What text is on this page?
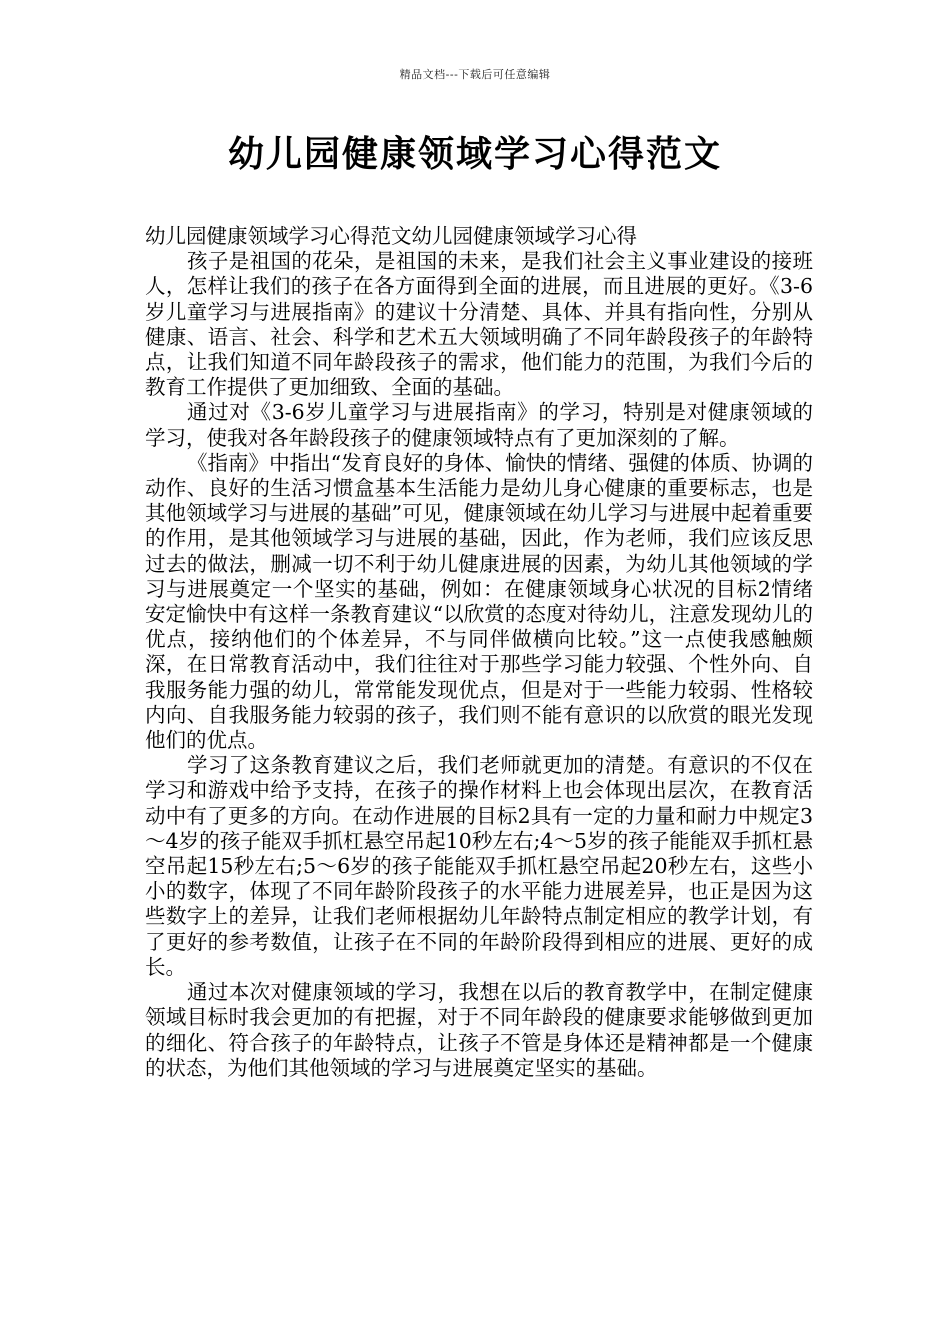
精品文档---下载后可任意编辑
幼儿园健康领域学习心得范文

幼儿园健康领域学习心得范文幼儿园健康领域学习心得

孩子是祖国的花朵，是祖国的未来，是我们社会主义事业建设的接班人，怎样让我们的孩子在各方面得到全面的进展，而且进展的更好。《3-6岁儿童学习与进展指南》的建议十分清楚、具体、并具有指向性，分别从健康、语言、社会、科学和艺术五大领域明确了不同年龄段孩子的年龄特点，让我们知道不同年龄段孩子的需求，他们能力的范围，为我们今后的教育工作提供了更加细致、全面的基础。

通过对《3-6岁儿童学习与进展指南》的学习，特别是对健康领域的学习，使我对各年龄段孩子的健康领域特点有了更加深刻的了解。

《指南》中指出“发育良好的身体、愉快的情绪、强健的体质、协调的动作、良好的生活习惯盒基本生活能力是幼儿身心健康的重要标志，也是其他领域学习与进展的基础”可见，健康领域在幼儿学习与进展中起着重要的作用，是其他领域学习与进展的基础，因此，作为老师，我们应该反思过去的做法，删减一切不利于幼儿健康进展的因素，为幼儿其他领域的学习与进展奠定一个坚实的基础，例如：在健康领域身心状况的目标2情绪安定愉快中有这样一条教育建议“以欣赏的态度对待幼儿，注意发现幼儿的优点，接纳他们的个体差异，不与同伴做横向比较。”这一点使我感触颇深，在日常教育活动中，我们往往对于那些学习能力较强、个性外向、自我服务能力强的幼儿，常常能发现优点，但是对于一些能力较弱、性格较内向、自我服务能力较弱的孩子，我们则不能有意识的以欣赏的眼光发现他们的优点。

学习了这条教育建议之后，我们老师就更加的清楚。有意识的不仅在学习和游戏中给予支持，在孩子的操作材料上也会体现出层次，在教育活动中有了更多的方向。在动作进展的目标2具有一定的力量和耐力中规定3～4岁的孩子能双手抓杠悬空吊起10秒左右;4～5岁的孩子能能双手抓杠悬空吊起15秒左右;5～6岁的孩子能能双手抓杠悬空吊起20秒左右，这些小小的数字，体现了不同年龄阶段孩子的水平能力进展差异，也正是因为这些数字上的差异，让我们老师根据幼儿年龄特点制定相应的教学计划，有了更好的参考数值，让孩子在不同的年龄阶段得到相应的进展、更好的成长。

通过本次对健康领域的学习，我想在以后的教育教学中，在制定健康领域目标时我会更加的有把握，对于不同年龄段的健康要求能够做到更加的细化、符合孩子的年龄特点，让孩子不管是身体还是精神都是一个健康的状态，为他们其他领域的学习与进展奠定坚实的基础。
